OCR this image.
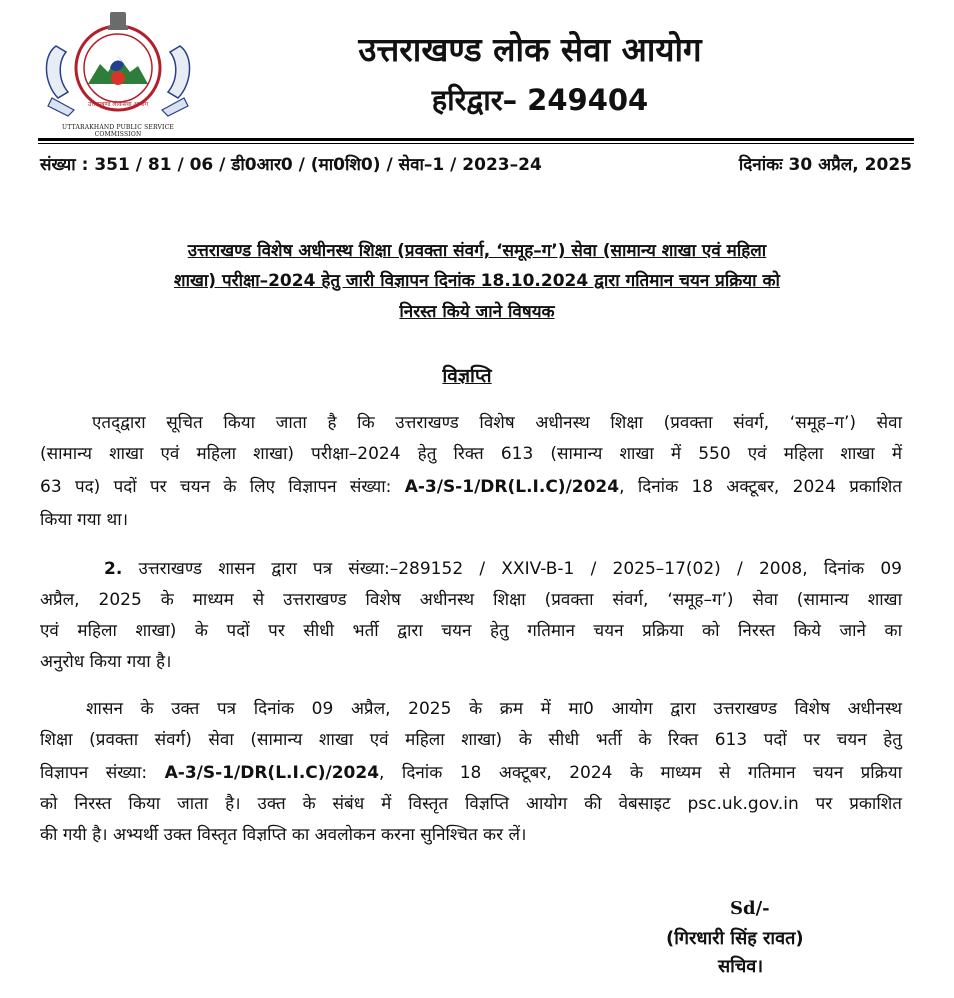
उत्तराखण्ड लोकसेवा आयोग
UTTARAKHAND PUBLIC SERVICE COMMISSION
उत्तराखण्ड लोक सेवा आयोग
हरिद्वार– 249404
संख्या : 351 / 81 / 06 / डी0आर0 / (मा0शि0) / सेवा–1 / 2023–24	दिनांकः 30 अप्रैल, 2025
उत्तराखण्ड विशेष अधीनस्थ शिक्षा (प्रवक्ता संवर्ग, ‘समूह–ग’) सेवा (सामान्य शाखा एवं महिला
शाखा) परीक्षा–2024 हेतु जारी विज्ञापन दिनांक 18.10.2024 द्वारा गतिमान चयन प्रक्रिया को
निरस्त किये जाने विषयक
विज्ञप्ति
एतद्‌द्वारा सूचित किया जाता है कि उत्तराखण्ड विशेष अधीनस्थ शिक्षा (प्रवक्ता संवर्ग, ‘समूह–ग’) सेवा
(सामान्य शाखा एवं महिला शाखा) परीक्षा–2024 हेतु रिक्त 613 (सामान्य शाखा में 550 एवं महिला शाखा में
63 पद) पदों पर चयन के लिए विज्ञापन संख्या: A-3/S-1/DR(L.I.C)/2024, दिनांक 18 अक्टूबर, 2024 प्रकाशित
किया गया था।
2. उत्तराखण्ड शासन द्वारा पत्र संख्या:–289152 / XXIV-B-1 / 2025–17(02) / 2008, दिनांक 09
अप्रैल, 2025 के माध्यम से उत्तराखण्ड विशेष अधीनस्थ शिक्षा (प्रवक्ता संवर्ग, ‘समूह–ग’) सेवा (सामान्य शाखा
एवं महिला शाखा) के पदों पर सीधी भर्ती द्वारा चयन हेतु गतिमान चयन प्रक्रिया को निरस्त किये जाने का
अनुरोध किया गया है।
शासन के उक्त पत्र दिनांक 09 अप्रैल, 2025 के क्रम में मा0 आयोग द्वारा उत्तराखण्ड विशेष अधीनस्थ
शिक्षा (प्रवक्ता संवर्ग) सेवा (सामान्य शाखा एवं महिला शाखा) के सीधी भर्ती के रिक्त 613 पदों पर चयन हेतु
विज्ञापन संख्या: A-3/S-1/DR(L.I.C)/2024, दिनांक 18 अक्टूबर, 2024 के माध्यम से गतिमान चयन प्रक्रिया
को निरस्त किया जाता है। उक्त के संबंध में विस्तृत विज्ञप्ति आयोग की वेबसाइट psc.uk.gov.in पर प्रकाशित
की गयी है। अभ्यर्थी उक्त विस्तृत विज्ञप्ति का अवलोकन करना सुनिश्चित कर लें।
Sd/-
(गिरधारी सिंह रावत)
सचिव।
